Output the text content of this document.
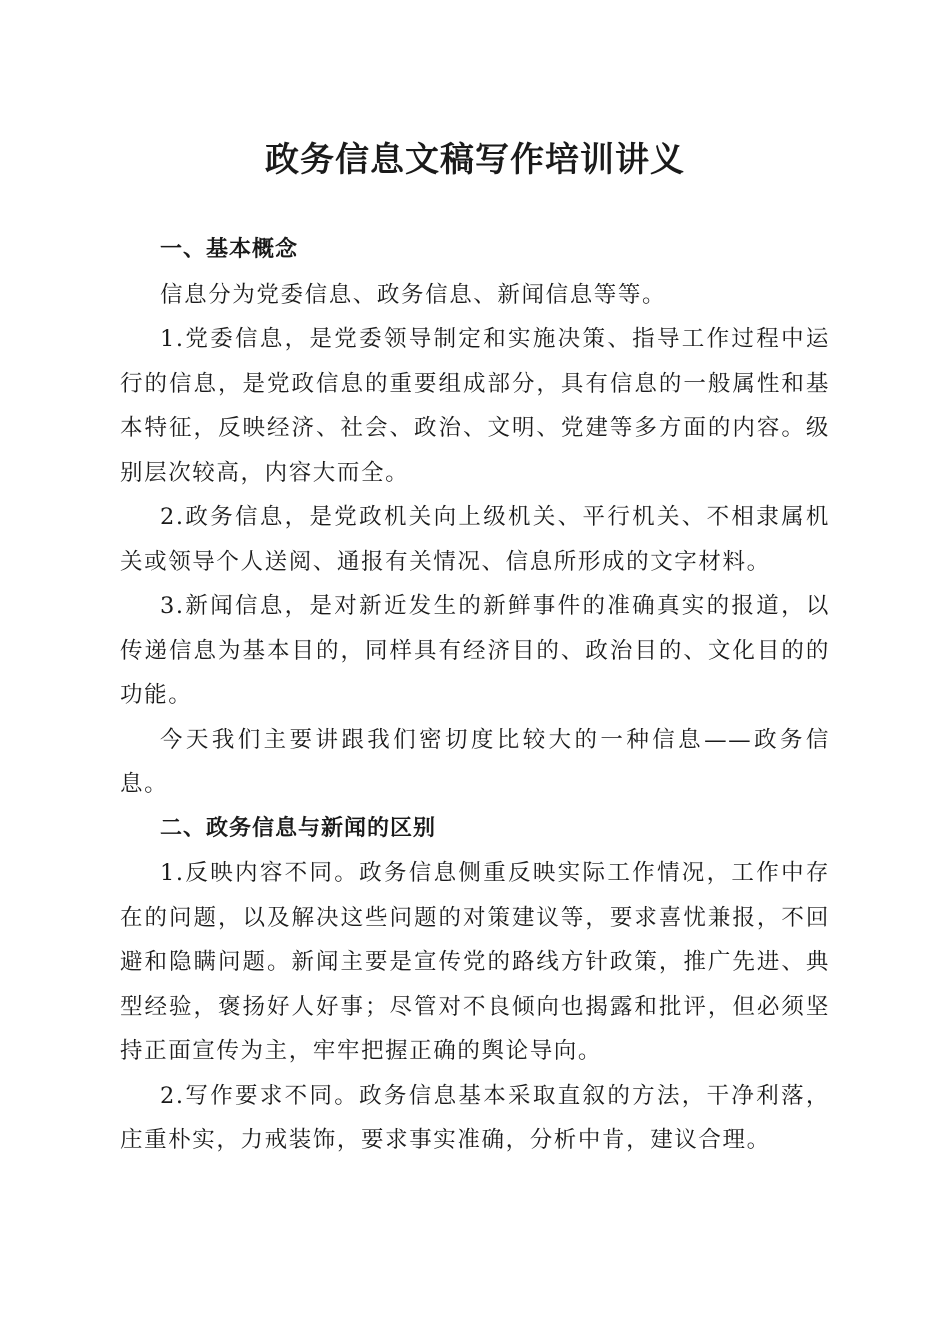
政务信息文稿写作培训讲义

一、基本概念

信息分为党委信息、政务信息、新闻信息等等。

1.党委信息，是党委领导制定和实施决策、指导工作过程中运行的信息，是党政信息的重要组成部分，具有信息的一般属性和基本特征，反映经济、社会、政治、文明、党建等多方面的内容。级别层次较高，内容大而全。

2.政务信息，是党政机关向上级机关、平行机关、不相隶属机关或领导个人送阅、通报有关情况、信息所形成的文字材料。

3.新闻信息，是对新近发生的新鲜事件的准确真实的报道，以传递信息为基本目的，同样具有经济目的、政治目的、文化目的的功能。

今天我们主要讲跟我们密切度比较大的一种信息——政务信息。

二、政务信息与新闻的区别

1.反映内容不同。政务信息侧重反映实际工作情况，工作中存在的问题，以及解决这些问题的对策建议等，要求喜忧兼报，不回避和隐瞒问题。新闻主要是宣传党的路线方针政策，推广先进、典型经验，褒扬好人好事；尽管对不良倾向也揭露和批评，但必须坚持正面宣传为主，牢牢把握正确的舆论导向。

2.写作要求不同。政务信息基本采取直叙的方法，干净利落，庄重朴实，力戒装饰，要求事实准确，分析中肯，建议合理。
